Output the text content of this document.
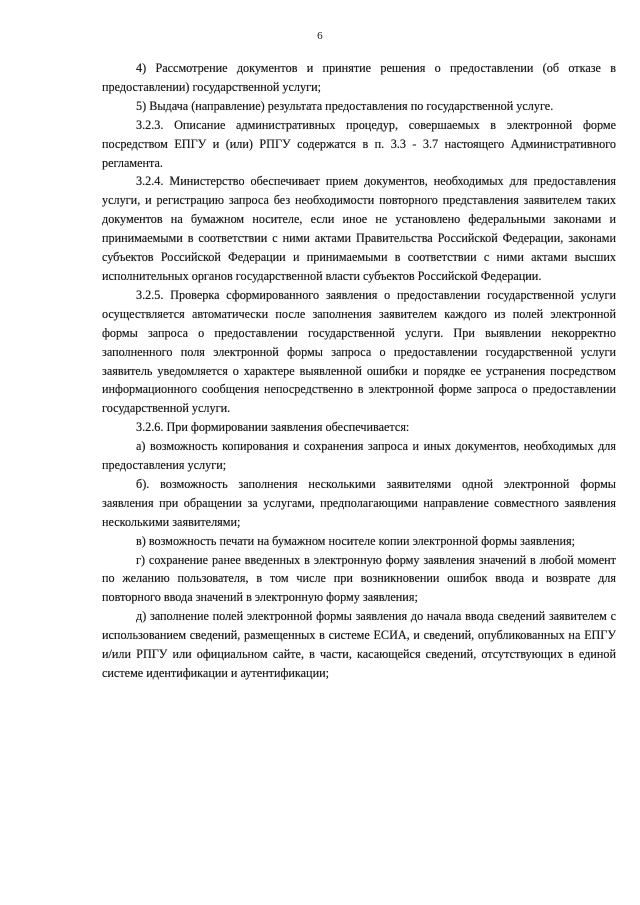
6

4) Рассмотрение документов и принятие решения о предоставлении (об отказе в предоставлении) государственной услуги;

5) Выдача (направление) результата предоставления по государственной услуге.

3.2.3. Описание административных процедур, совершаемых в электронной форме посредством ЕПГУ и (или) РПГУ содержатся в п. 3.3 - 3.7 настоящего Административного регламента.

3.2.4. Министерство обеспечивает прием документов, необходимых для предоставления услуги, и регистрацию запроса без необходимости повторного представления заявителем таких документов на бумажном носителе, если иное не установлено федеральными законами и принимаемыми в соответствии с ними актами Правительства Российской Федерации, законами субъектов Российской Федерации и принимаемыми в соответствии с ними актами высших исполнительных органов государственной власти субъектов Российской Федерации.

3.2.5. Проверка сформированного заявления о предоставлении государственной услуги осуществляется автоматически после заполнения заявителем каждого из полей электронной формы запроса о предоставлении государственной услуги. При выявлении некорректно заполненного поля электронной формы запроса о предоставлении государственной услуги заявитель уведомляется о характере выявленной ошибки и порядке ее устранения посредством информационного сообщения непосредственно в электронной форме запроса о предоставлении государственной услуги.

3.2.6. При формировании заявления обеспечивается:

а) возможность копирования и сохранения запроса и иных документов, необходимых для предоставления услуги;

б). возможность заполнения несколькими заявителями одной электронной формы заявления при обращении за услугами, предполагающими направление совместного заявления несколькими заявителями;

в) возможность печати на бумажном носителе копии электронной формы заявления;

г) сохранение ранее введенных в электронную форму заявления значений в любой момент по желанию пользователя, в том числе при возникновении ошибок ввода и возврате для повторного ввода значений в электронную форму заявления;

д) заполнение полей электронной формы заявления до начала ввода сведений заявителем с использованием сведений, размещенных в системе ЕСИА, и сведений, опубликованных на ЕПГУ и/или РПГУ или официальном сайте, в части, касающейся сведений, отсутствующих в единой системе идентификации и аутентификации;
